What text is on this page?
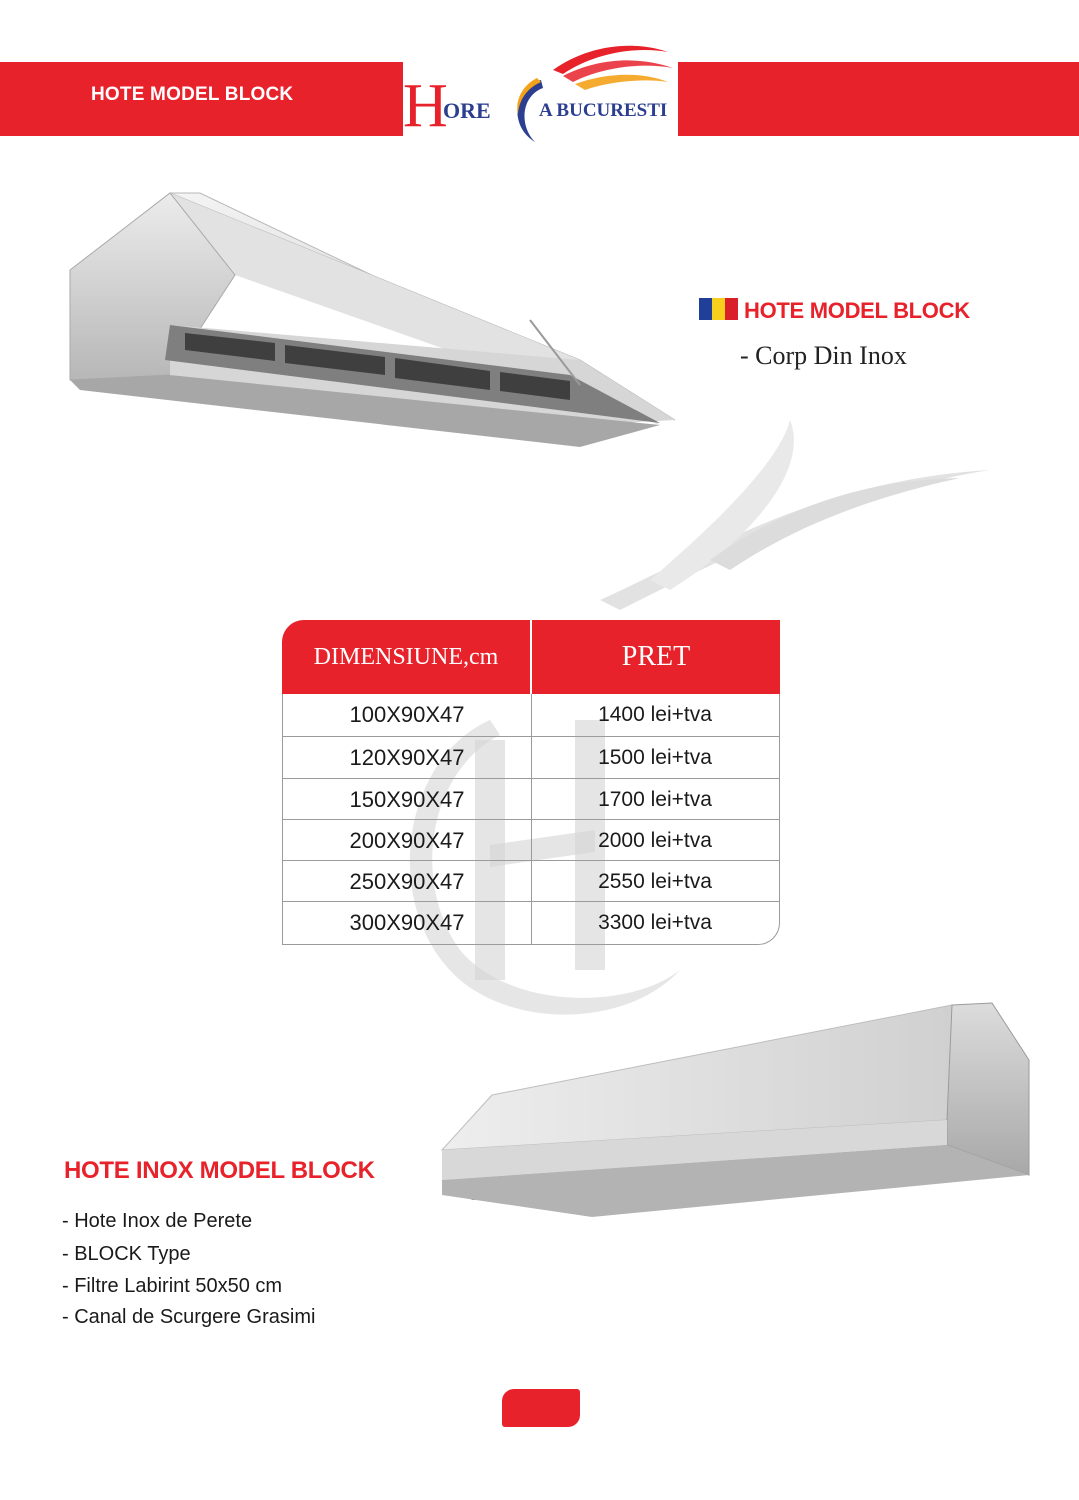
HOTE MODEL BLOCK H
ORE	A BUCURESTI
HOTE MODEL BLOCK
- Corp Din Inox
DIMENSIUNE,cm	PRET
100X90X47	1400 lei+tva
120X90X47	1500 lei+tva
150X90X47	1700 lei+tva
200X90X47	2000 lei+tva
250X90X47	2550 lei+tva
300X90X47	3300 lei+tva
HOTE INOX MODEL BLOCK
- Hote Inox de Perete
- BLOCK Type
- Filtre Labirint 50x50 cm
- Canal de Scurgere Grasimi
